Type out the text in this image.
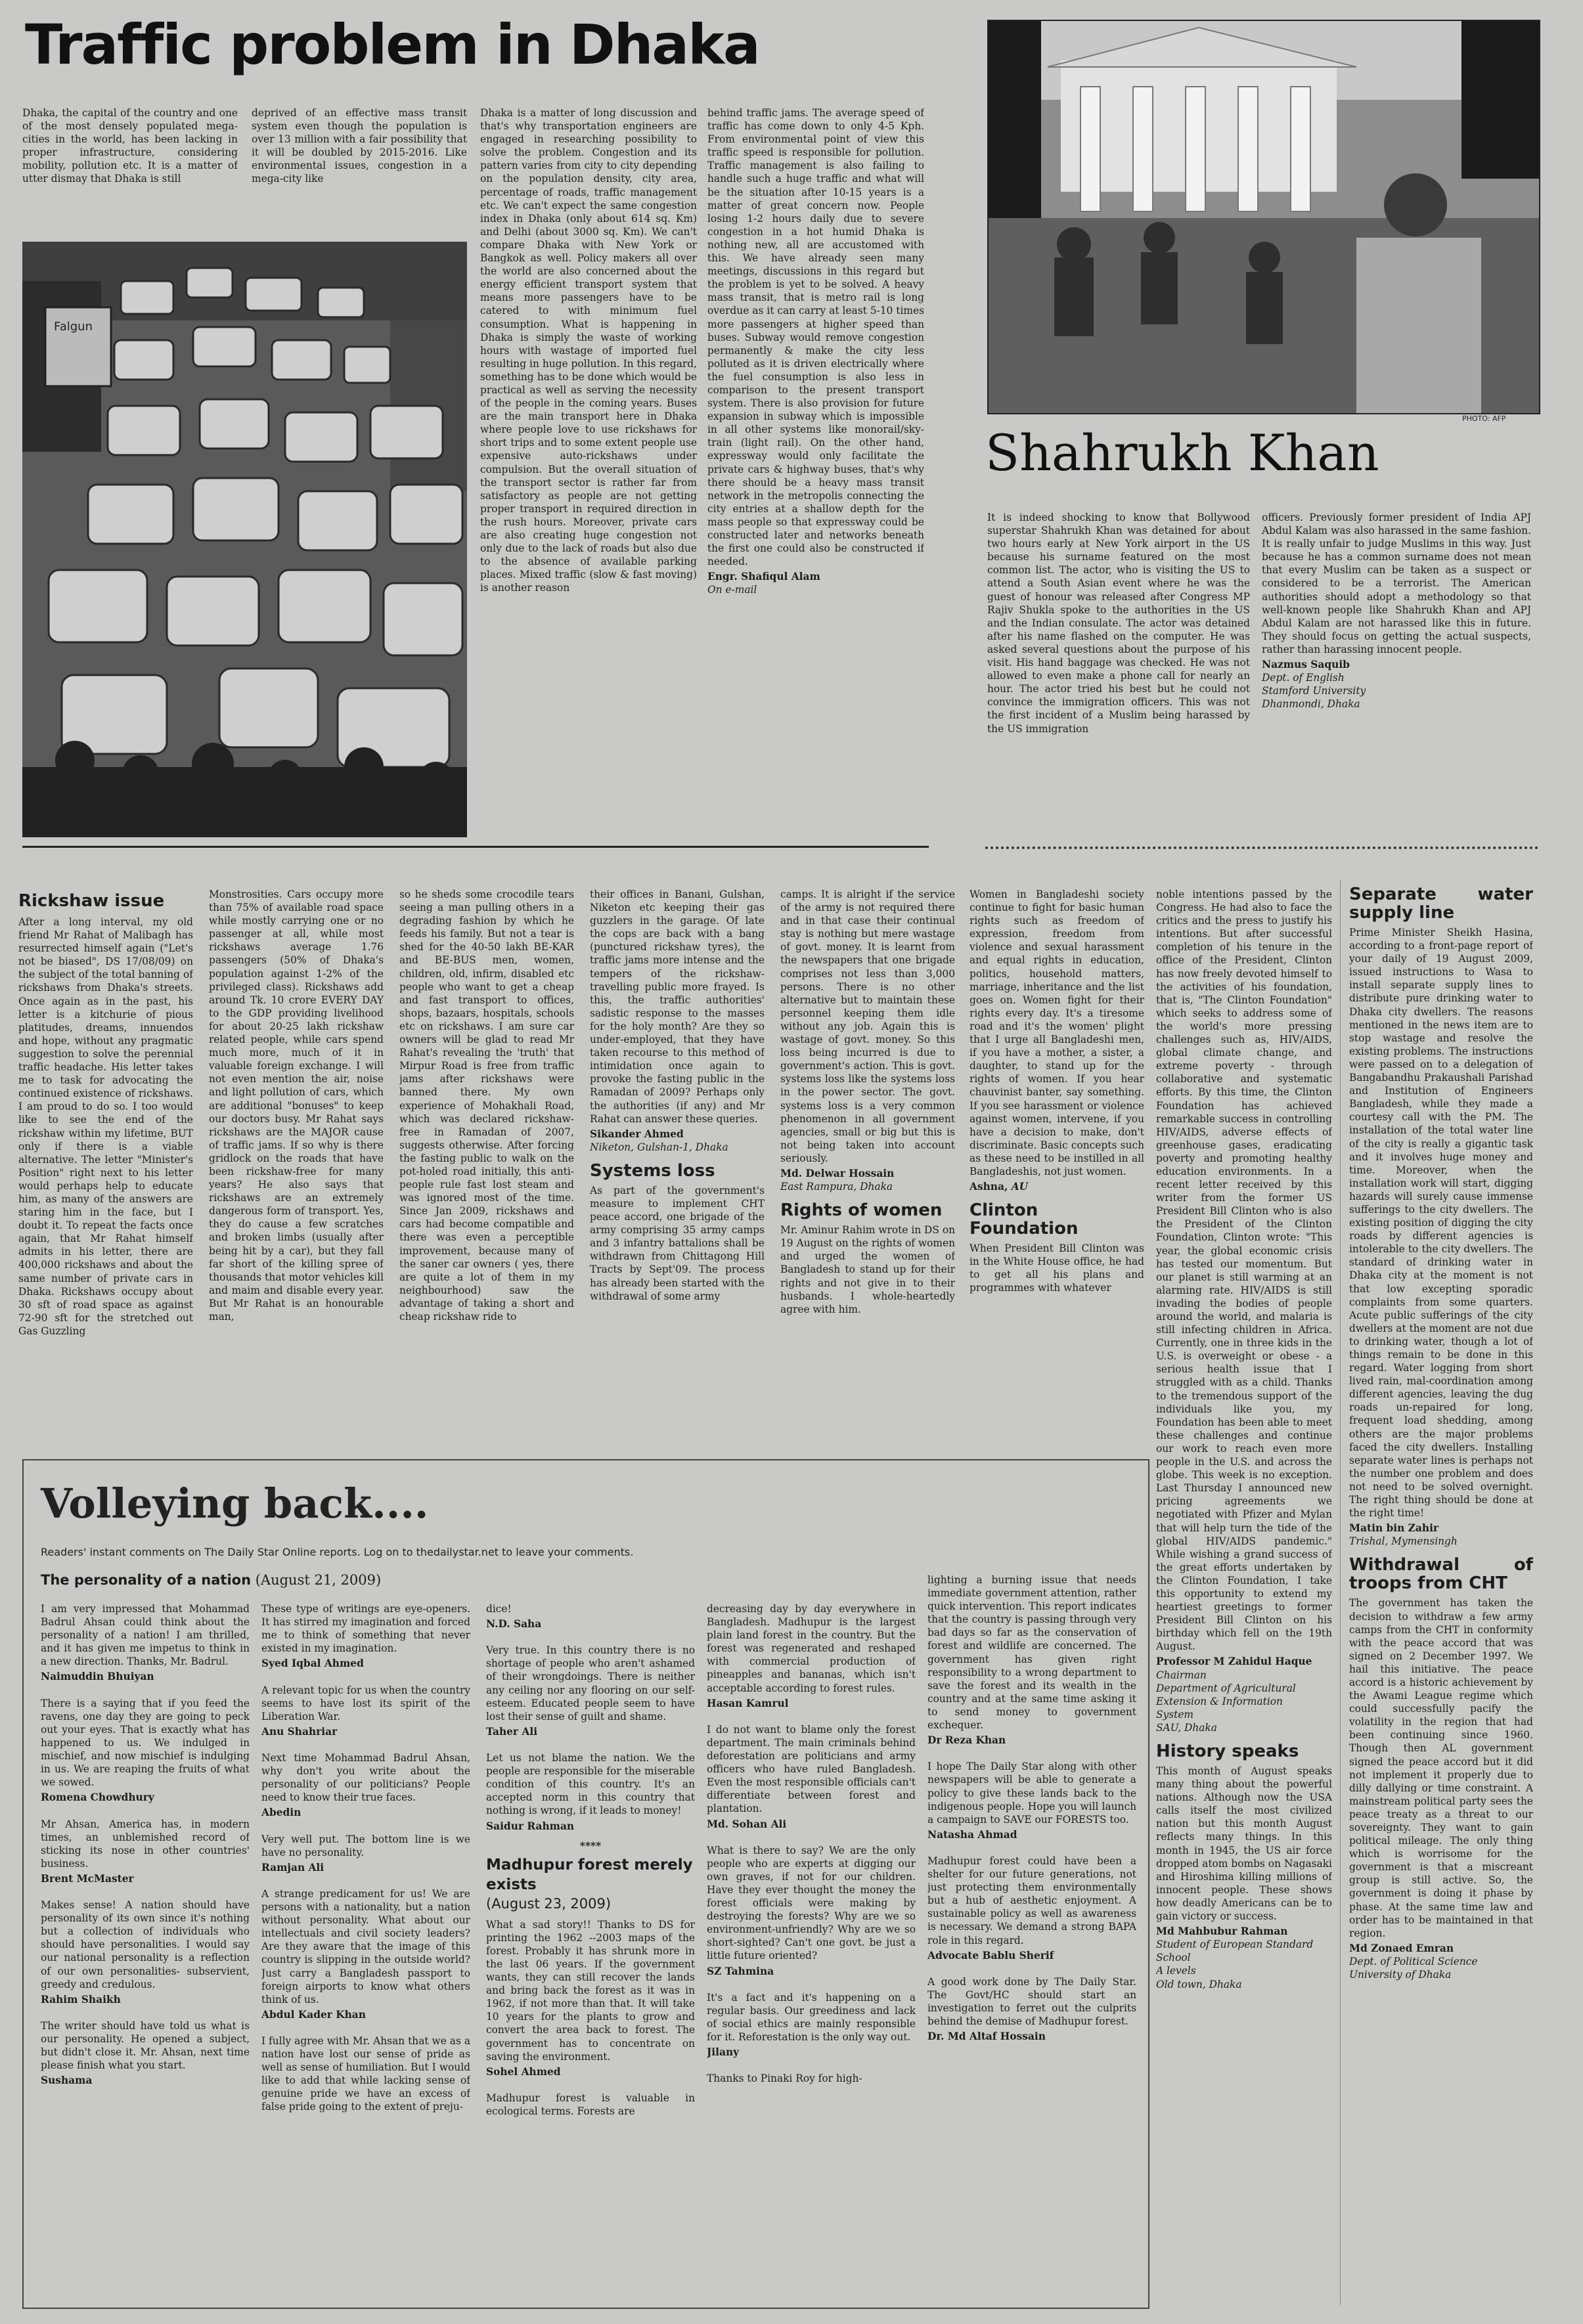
Traffic problem in Dhaka

Dhaka, the capital of the country and one of the most densely populated mega-cities in the world, has been lacking in proper infrastructure, considering mobility, pollution etc. It is a matter of utter dismay that Dhaka is still

deprived of an effective mass transit system even though the population is over 13 million with a fair possibility that it will be doubled by 2015-2016. Like environmental issues, congestion in a mega-city like

Falgun

Dhaka is a matter of long discussion and that's why transportation engineers are engaged in researching possibility to solve the problem. Congestion and its pattern varies from city to city depending on the population density, city area, percentage of roads, traffic management etc. We can't expect the same congestion index in Dhaka (only about 614 sq. Km) and Delhi (about 3000 sq. Km). We can't compare Dhaka with New York or Bangkok as well. Policy makers all over the world are also concerned about the energy efficient transport system that means more passengers have to be catered to with minimum fuel consumption. What is happening in Dhaka is simply the waste of working hours with wastage of imported fuel resulting in huge pollution. In this regard, something has to be done which would be practical as well as serving the necessity of the people in the coming years. Buses are the main transport here in Dhaka where people love to use rickshaws for short trips and to some extent people use expensive auto-rickshaws under compulsion. But the overall situation of the transport sector is rather far from satisfactory as people are not getting proper transport in required direction in the rush hours. Moreover, private cars are also creating huge congestion not only due to the lack of roads but also due to the absence of available parking places. Mixed traffic (slow & fast moving) is another reason

behind traffic jams. The average speed of traffic has come down to only 4-5 Kph. From environmental point of view this traffic speed is responsible for pollution. Traffic management is also failing to handle such a huge traffic and what will be the situation after 10-15 years is a matter of great concern now. People losing 1-2 hours daily due to severe congestion in a hot humid Dhaka is nothing new, all are accustomed with this. We have already seen many meetings, discussions in this regard but the problem is yet to be solved. A heavy mass transit, that is metro rail is long overdue as it can carry at least 5-10 times more passengers at higher speed than buses. Subway would remove congestion permanently & make the city less polluted as it is driven electrically where the fuel consumption is also less in comparison to the present transport system. There is also provision for future expansion in subway which is impossible in all other systems like monorail/sky-train (light rail). On the other hand, expressway would only facilitate the private cars & highway buses, that's why there should be a heavy mass transit network in the metropolis connecting the city entries at a shallow depth for the mass people so that expressway could be constructed later and networks beneath the first one could also be constructed if needed.

Engr. Shafiqul Alam
On e-mail
PHOTO: AFP
Shahrukh Khan

It is indeed shocking to know that Bollywood superstar Shahrukh Khan was detained for about two hours early at New York airport in the US because his surname featured on the most common list. The actor, who is visiting the US to attend a South Asian event where he was the guest of honour was released after Congress MP Rajiv Shukla spoke to the authorities in the US and the Indian consulate. The actor was detained after his name flashed on the computer. He was asked several questions about the purpose of his visit. His hand baggage was checked. He was not allowed to even make a phone call for nearly an hour. The actor tried his best but he could not convince the immigration officers. This was not the first incident of a Muslim being harassed by the US immigration

officers. Previously former president of India APJ Abdul Kalam was also harassed in the same fashion. It is really unfair to judge Muslims in this way. Just because he has a common surname does not mean that every Muslim can be taken as a suspect or considered to be a terrorist. The American authorities should adopt a methodology so that well-known people like Shahrukh Khan and APJ Abdul Kalam are not harassed like this in future. They should focus on getting the actual suspects, rather than harassing innocent people.

Nazmus Saquib
Dept. of English
Stamford University
Dhanmondi, Dhaka
Rickshaw issue

After a long interval, my old friend Mr Rahat of Malibagh has resurrected himself again ("Let's not be biased", DS 17/08/09) on the subject of the total banning of rickshaws from Dhaka's streets. Once again as in the past, his letter is a kitchurie of pious platitudes, dreams, innuendos and hope, without any pragmatic suggestion to solve the perennial traffic headache. His letter takes me to task for advocating the continued existence of rickshaws. I am proud to do so. I too would like to see the end of the rickshaw within my lifetime, BUT only if there is a viable alternative. The letter "Minister's Position" right next to his letter would perhaps help to educate him, as many of the answers are staring him in the face, but I doubt it. To repeat the facts once again, that Mr Rahat himself admits in his letter, there are 400,000 rickshaws and about the same number of private cars in Dhaka. Rickshaws occupy about 30 sft of road space as against 72-90 sft for the stretched out Gas Guzzling

Monstrosities. Cars occupy more than 75% of available road space while mostly carrying one or no passenger at all, while most rickshaws average 1.76 passengers (50% of Dhaka's population against 1-2% of the privileged class). Rickshaws add around Tk. 10 crore EVERY DAY to the GDP providing livelihood for about 20-25 lakh rickshaw related people, while cars spend much more, much of it in valuable foreign exchange. I will not even mention the air, noise and light pollution of cars, which are additional "bonuses" to keep our doctors busy. Mr Rahat says rickshaws are the MAJOR cause of traffic jams. If so why is there gridlock on the roads that have been rickshaw-free for many years? He also says that rickshaws are an extremely dangerous form of transport. Yes, they do cause a few scratches and broken limbs (usually after being hit by a car), but they fall far short of the killing spree of thousands that motor vehicles kill and maim and disable every year. But Mr Rahat is an honourable man,

so he sheds some crocodile tears seeing a man pulling others in a degrading fashion by which he feeds his family. But not a tear is shed for the 40-50 lakh BE-KAR and BE-BUS men, women, children, old, infirm, disabled etc people who want to get a cheap and fast transport to offices, shops, bazaars, hospitals, schools etc on rickshaws. I am sure car owners will be glad to read Mr Rahat's revealing the 'truth' that Mirpur Road is free from traffic jams after rickshaws were banned there. My own experience of Mohakhali Road, which was declared rickshaw-free in Ramadan of 2007, suggests otherwise. After forcing the fasting public to walk on the pot-holed road initially, this anti-people rule fast lost steam and was ignored most of the time. Since Jan 2009, rickshaws and cars had become compatible and there was even a perceptible improvement, because many of the saner car owners ( yes, there are quite a lot of them in my neighbourhood) saw the advantage of taking a short and cheap rickshaw ride to

their offices in Banani, Gulshan, Niketon etc keeping their gas guzzlers in the garage. Of late the cops are back with a bang (punctured rickshaw tyres), the traffic jams more intense and the tempers of the rickshaw-travelling public more frayed. Is this, the traffic authorities' sadistic response to the masses for the holy month? Are they so under-employed, that they have taken recourse to this method of intimidation once again to provoke the fasting public in the Ramadan of 2009? Perhaps only the authorities (if any) and Mr Rahat can answer these queries.

Sikander Ahmed
Niketon, Gulshan-1, Dhaka
Systems loss

As part of the government's measure to implement CHT peace accord, one brigade of the army comprising 35 army camps and 3 infantry battalions shall be withdrawn from Chittagong Hill Tracts by Sept'09. The process has already been started with the withdrawal of some army

camps. It is alright if the service of the army is not required there and in that case their continual stay is nothing but mere wastage of govt. money. It is learnt from the newspapers that one brigade comprises not less than 3,000 persons. There is no other alternative but to maintain these personnel keeping them idle without any job. Again this is wastage of govt. money. So this loss being incurred is due to government's action. This is govt. systems loss like the systems loss in the power sector. The govt. systems loss is a very common phenomenon in all government agencies, small or big but this is not being taken into account seriously.

Md. Delwar Hossain
East Rampura, Dhaka
Rights of women

Mr. Aminur Rahim wrote in DS on 19 August on the rights of women and urged the women of Bangladesh to stand up for their rights and not give in to their husbands. I whole-heartedly agree with him.

Women in Bangladeshi society continue to fight for basic human rights such as freedom of expression, freedom from violence and sexual harassment and equal rights in education, politics, household matters, marriage, inheritance and the list goes on. Women fight for their rights every day. It's a tiresome road and it's the women' plight that I urge all Bangladeshi men, if you have a mother, a sister, a daughter, to stand up for the rights of women. If you hear chauvinist banter, say something. If you see harassment or violence against women, intervene, if you have a decision to make, don't discriminate. Basic concepts such as these need to be instilled in all Bangladeshis, not just women.

Ashna, AU
Clinton Foundation

When President Bill Clinton was in the White House office, he had to get all his plans and programmes with whatever

noble intentions passed by the Congress. He had also to face the critics and the press to justify his intentions. But after successful completion of his tenure in the office of the President, Clinton has now freely devoted himself to the activities of his foundation, that is, "The Clinton Foundation" which seeks to address some of the world's more pressing challenges such as, HIV/AIDS, global climate change, and extreme poverty - through collaborative and systematic efforts. By this time, the Clinton Foundation has achieved remarkable success in controlling HIV/AIDS, adverse effects of greenhouse gases, eradicating poverty and promoting healthy education environments. In a recent letter received by this writer from the former US President Bill Clinton who is also the President of the Clinton Foundation, Clinton wrote: "This year, the global economic crisis has tested our momentum. But our planet is still warming at an alarming rate. HIV/AIDS is still invading the bodies of people around the world, and malaria is still infecting children in Africa. Currently, one in three kids in the U.S. is overweight or obese - a serious health issue that I struggled with as a child. Thanks to the tremendous support of the individuals like you, my Foundation has been able to meet these challenges and continue our work to reach even more people in the U.S. and across the globe. This week is no exception. Last Thursday I announced new pricing agreements we negotiated with Pfizer and Mylan that will help turn the tide of the global HIV/AIDS pandemic." While wishing a grand success of the great efforts undertaken by the Clinton Foundation, I take this opportunity to extend my heartiest greetings to former President Bill Clinton on his birthday which fell on the 19th August.

Professor M Zahidul Haque
Chairman
Department of Agricultural
Extension & Information
System
SAU, Dhaka
History speaks

This month of August speaks many thing about the powerful nations. Although now the USA calls itself the most civilized nation but this month August reflects many things. In this month in 1945, the US air force dropped atom bombs on Nagasaki and Hiroshima killing millions of innocent people. These shows how deadly Americans can be to gain victory or success.

Md Mahbubur Rahman
Student of European Standard
School
A levels
Old town, Dhaka
Separate water supply line

Prime Minister Sheikh Hasina, according to a front-page report of your daily of 19 August 2009, issued instructions to Wasa to install separate supply lines to distribute pure drinking water to Dhaka city dwellers. The reasons mentioned in the news item are to stop wastage and resolve the existing problems. The instructions were passed on to a delegation of Bangabandhu Prakaushali Parishad and Institution of Engineers Bangladesh, while they made a courtesy call with the PM. The installation of the total water line of the city is really a gigantic task and it involves huge money and time. Moreover, when the installation work will start, digging hazards will surely cause immense sufferings to the city dwellers. The existing position of digging the city roads by different agencies is intolerable to the city dwellers. The standard of drinking water in Dhaka city at the moment is not that low excepting sporadic complaints from some quarters. Acute public sufferings of the city dwellers at the moment are not due to drinking water, though a lot of things remain to be done in this regard. Water logging from short lived rain, mal-coordination among different agencies, leaving the dug roads un-repaired for long, frequent load shedding, among others are the major problems faced the city dwellers. Installing separate water lines is perhaps not the number one problem and does not need to be solved overnight. The right thing should be done at the right time!

Matin bin Zahir
Trishal, Mymensingh
Withdrawal of troops from CHT

The government has taken the decision to withdraw a few army camps from the CHT in conformity with the peace accord that was signed on 2 December 1997. We hail this initiative. The peace accord is a historic achievement by the Awami League regime which could successfully pacify the volatility in the region that had been continuing since 1960. Though then AL government signed the peace accord but it did not implement it properly due to dilly dallying or time constraint. A mainstream political party sees the peace treaty as a threat to our sovereignty. They want to gain political mileage. The only thing which is worrisome for the government is that a miscreant group is still active. So, the government is doing it phase by phase. At the same time law and order has to be maintained in that region.

Md Zonaed Emran
Dept. of Political Science
University of Dhaka
Volleying back....
Readers' instant comments on The Daily Star Online reports. Log on to thedailystar.net to leave your comments.
The personality of a nation (August 21, 2009)

I am very impressed that Mohammad Badrul Ahsan could think about the personality of a nation! I am thrilled, and it has given me impetus to think in a new direction. Thanks, Mr. Badrul.

Naimuddin Bhuiyan

There is a saying that if you feed the ravens, one day they are going to peck out your eyes. That is exactly what has happened to us. We indulged in mischief, and now mischief is indulging in us. We are reaping the fruits of what we sowed.

Romena Chowdhury

Mr Ahsan, America has, in modern times, an unblemished record of sticking its nose in other countries' business.

Brent McMaster

Makes sense! A nation should have personality of its own since it's nothing but a collection of individuals who should have personalities. I would say our national personality is a reflection of our own personalities- subservient, greedy and credulous.

Rahim Shaikh

The writer should have told us what is our personality. He opened a subject, but didn't close it. Mr. Ahsan, next time please finish what you start.

Sushama

These type of writings are eye-openers. It has stirred my imagination and forced me to think of something that never existed in my imagination.

Syed Iqbal Ahmed

A relevant topic for us when the country seems to have lost its spirit of the Liberation War.

Anu Shahriar

Next time Mohammad Badrul Ahsan, why don't you write about the personality of our politicians? People need to know their true faces.

Abedin

Very well put. The bottom line is we have no personality.

Ramjan Ali

A strange predicament for us! We are persons with a nationality, but a nation without personality. What about our intellectuals and civil society leaders? Are they aware that the image of this country is slipping in the outside world? Just carry a Bangladesh passport to foreign airports to know what others think of us.

Abdul Kader Khan

I fully agree with Mr. Ahsan that we as a nation have lost our sense of pride as well as sense of humiliation. But I would like to add that while lacking sense of genuine pride we have an excess of false pride going to the extent of preju-

dice!

N.D. Saha

Very true. In this country there is no shortage of people who aren't ashamed of their wrongdoings. There is neither any ceiling nor any flooring on our self-esteem. Educated people seem to have lost their sense of guilt and shame.

Taher Ali

Let us not blame the nation. We the people are responsible for the miserable condition of this country. It's an accepted norm in this country that nothing is wrong, if it leads to money!

Saidur Rahman
****
Madhupur forest merely exists
(August 23, 2009)

What a sad story!! Thanks to DS for printing the 1962 --2003 maps of the forest. Probably it has shrunk more in the last 06 years. If the government wants, they can still recover the lands and bring back the forest as it was in 1962, if not more than that. It will take 10 years for the plants to grow and convert the area back to forest. The government has to concentrate on saving the environment.

Sohel Ahmed

Madhupur forest is valuable in ecological terms. Forests are

decreasing day by day everywhere in Bangladesh. Madhupur is the largest plain land forest in the country. But the forest was regenerated and reshaped with commercial production of pineapples and bananas, which isn't acceptable according to forest rules.

Hasan Kamrul

I do not want to blame only the forest department. The main criminals behind deforestation are politicians and army officers who have ruled Bangladesh. Even the most responsible officials can't differentiate between forest and plantation.

Md. Sohan Ali

What is there to say? We are the only people who are experts at digging our own graves, if not for our children. Have they ever thought the money the forest officials were making by destroying the forests? Why are we so environment-unfriendly? Why are we so short-sighted? Can't one govt. be just a little future oriented?

SZ Tahmina

It's a fact and it's happening on a regular basis. Our greediness and lack of social ethics are mainly responsible for it. Reforestation is the only way out.

Jilany

Thanks to Pinaki Roy for high-

lighting a burning issue that needs immediate government attention, rather quick intervention. This report indicates that the country is passing through very bad days so far as the conservation of forest and wildlife are concerned. The government has given right responsibility to a wrong department to save the forest and its wealth in the country and at the same time asking it to send money to government exchequer.

Dr Reza Khan

I hope The Daily Star along with other newspapers will be able to generate a policy to give these lands back to the indigenous people. Hope you will launch a campaign to SAVE our FORESTS too.

Natasha Ahmad

Madhupur forest could have been a shelter for our future generations, not just protecting them environmentally but a hub of aesthetic enjoyment. A sustainable policy as well as awareness is necessary. We demand a strong BAPA role in this regard.

Advocate Bablu Sherif

A good work done by The Daily Star. The Govt/HC should start an investigation to ferret out the culprits behind the demise of Madhupur forest.

Dr. Md Altaf Hossain
